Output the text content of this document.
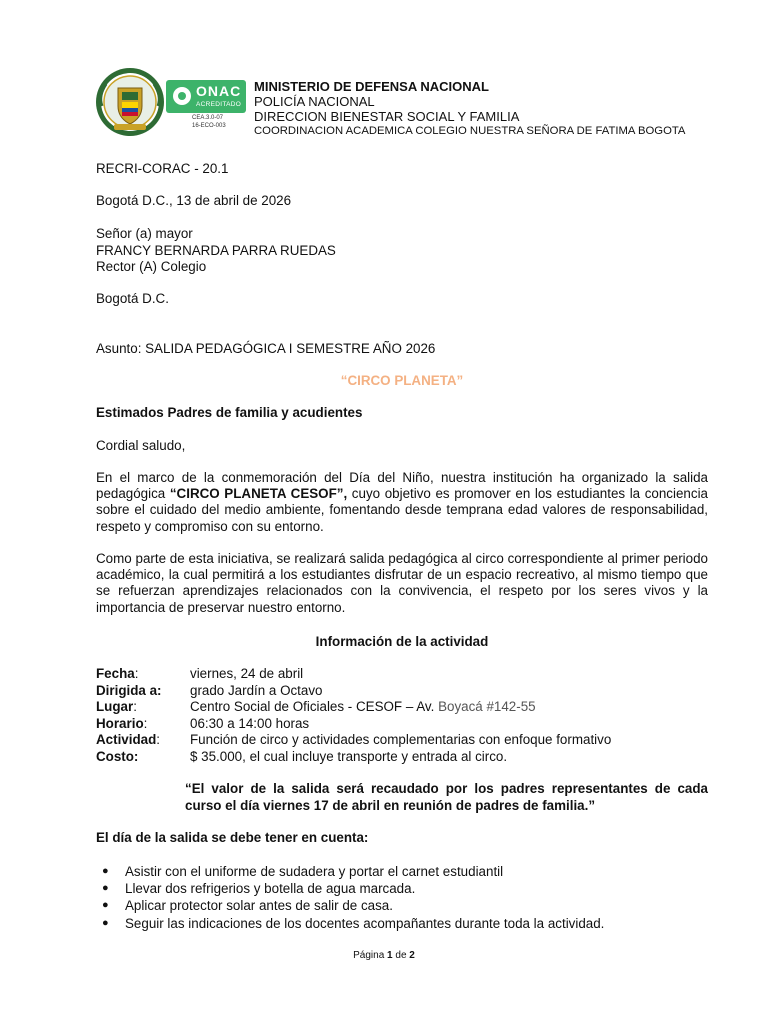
ONAC
ACREDITADO
CEA.3.0-07
16-ECO-003
MINISTERIO DE DEFENSA NACIONAL
POLICÍA NACIONAL
DIRECCION BIENESTAR SOCIAL Y FAMILIA
COORDINACION ACADEMICA COLEGIO NUESTRA SEÑORA DE FATIMA BOGOTA
RECRI-CORAC - 20.1
Bogotá D.C., 13 de abril de 2026
Señor (a) mayor
FRANCY BERNARDA PARRA RUEDAS
Rector (A) Colegio
Bogotá D.C.
Asunto: SALIDA PEDAGÓGICA I SEMESTRE AÑO 2026
“CIRCO PLANETA”
Estimados Padres de familia y acudientes
Cordial saludo,
En el marco de la conmemoración del Día del Niño, nuestra institución ha organizado la salida pedagógica “CIRCO PLANETA CESOF”, cuyo objetivo es promover en los estudiantes la conciencia sobre el cuidado del medio ambiente, fomentando desde temprana edad valores de responsabilidad, respeto y compromiso con su entorno.
Como parte de esta iniciativa, se realizará salida pedagógica al circo correspondiente al primer periodo académico, la cual permitirá a los estudiantes disfrutar de un espacio recreativo, al mismo tiempo que se refuerzan aprendizajes relacionados con la convivencia, el respeto por los seres vivos y la importancia de preservar nuestro entorno.
Información de la actividad
Fecha:	viernes, 24 de abril
Dirigida a: grado Jardín a Octavo
Lugar:	Centro Social de Oficiales - CESOF – Av. Boyacá #142-55
Horario:	06:30 a 14:00 horas
Actividad: Función de circo y actividades complementarias con enfoque formativo
Costo:	$ 35.000, el cual incluye transporte y entrada al circo.
“El valor de la salida será recaudado por los padres representantes de cada curso el día viernes 17 de abril en reunión de padres de familia.”
El día de la salida se debe tener en cuenta:
● Asistir con el uniforme de sudadera y portar el carnet estudiantil
● Llevar dos refrigerios y botella de agua marcada.
● Aplicar protector solar antes de salir de casa.
● Seguir las indicaciones de los docentes acompañantes durante toda la actividad.
Página 1 de 2
